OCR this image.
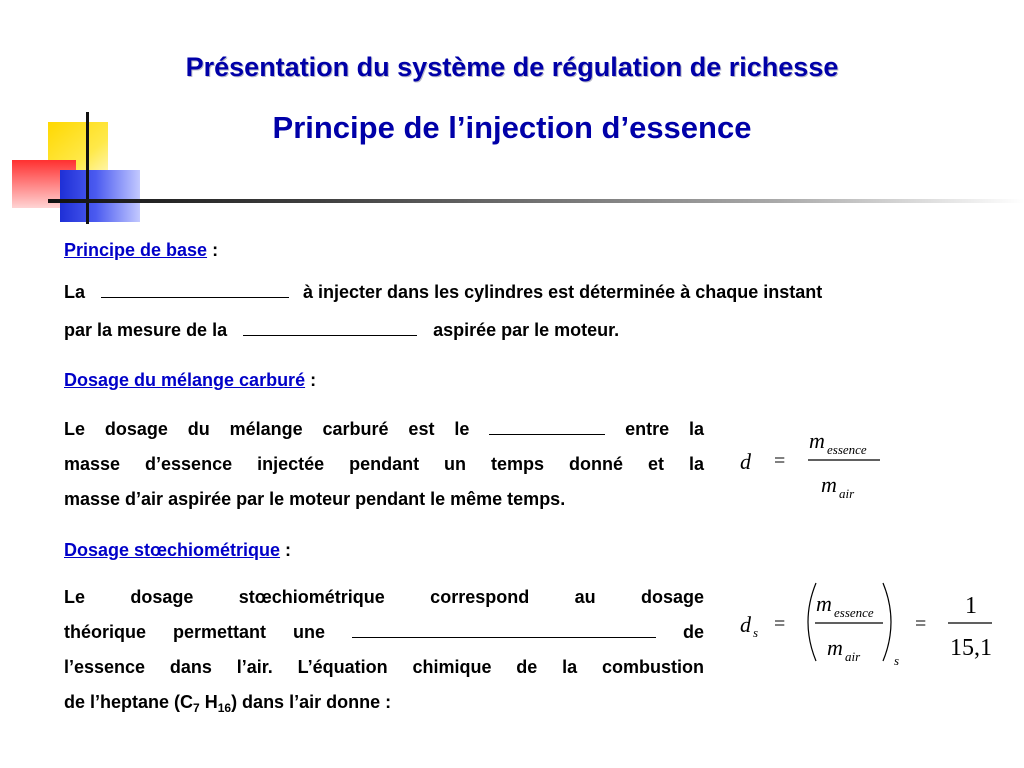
Présentation du système de régulation de richesse
Principe de l’injection d’essence
Principe de base :
La	à injecter dans les cylindres est déterminée à chaque instant
par la mesure de la	aspirée par le moteur.
Dosage du mélange carburé :
Le dosage du mélange carburé est le	entre la
masse d’essence injectée pendant un temps donné et la
masse d’air aspirée par le moteur pendant le même temps.
d =
m essence
m air
Dosage stœchiométrique :
Le dosage stœchiométrique correspond au dosage
théorique permettant une	de
l’essence dans l’air. L’équation chimique de la combustion
de l’heptane ($C_7$ $H_{16}$) dans l’air donne :
d s =
m essence
m air	s
=
1
15,1
